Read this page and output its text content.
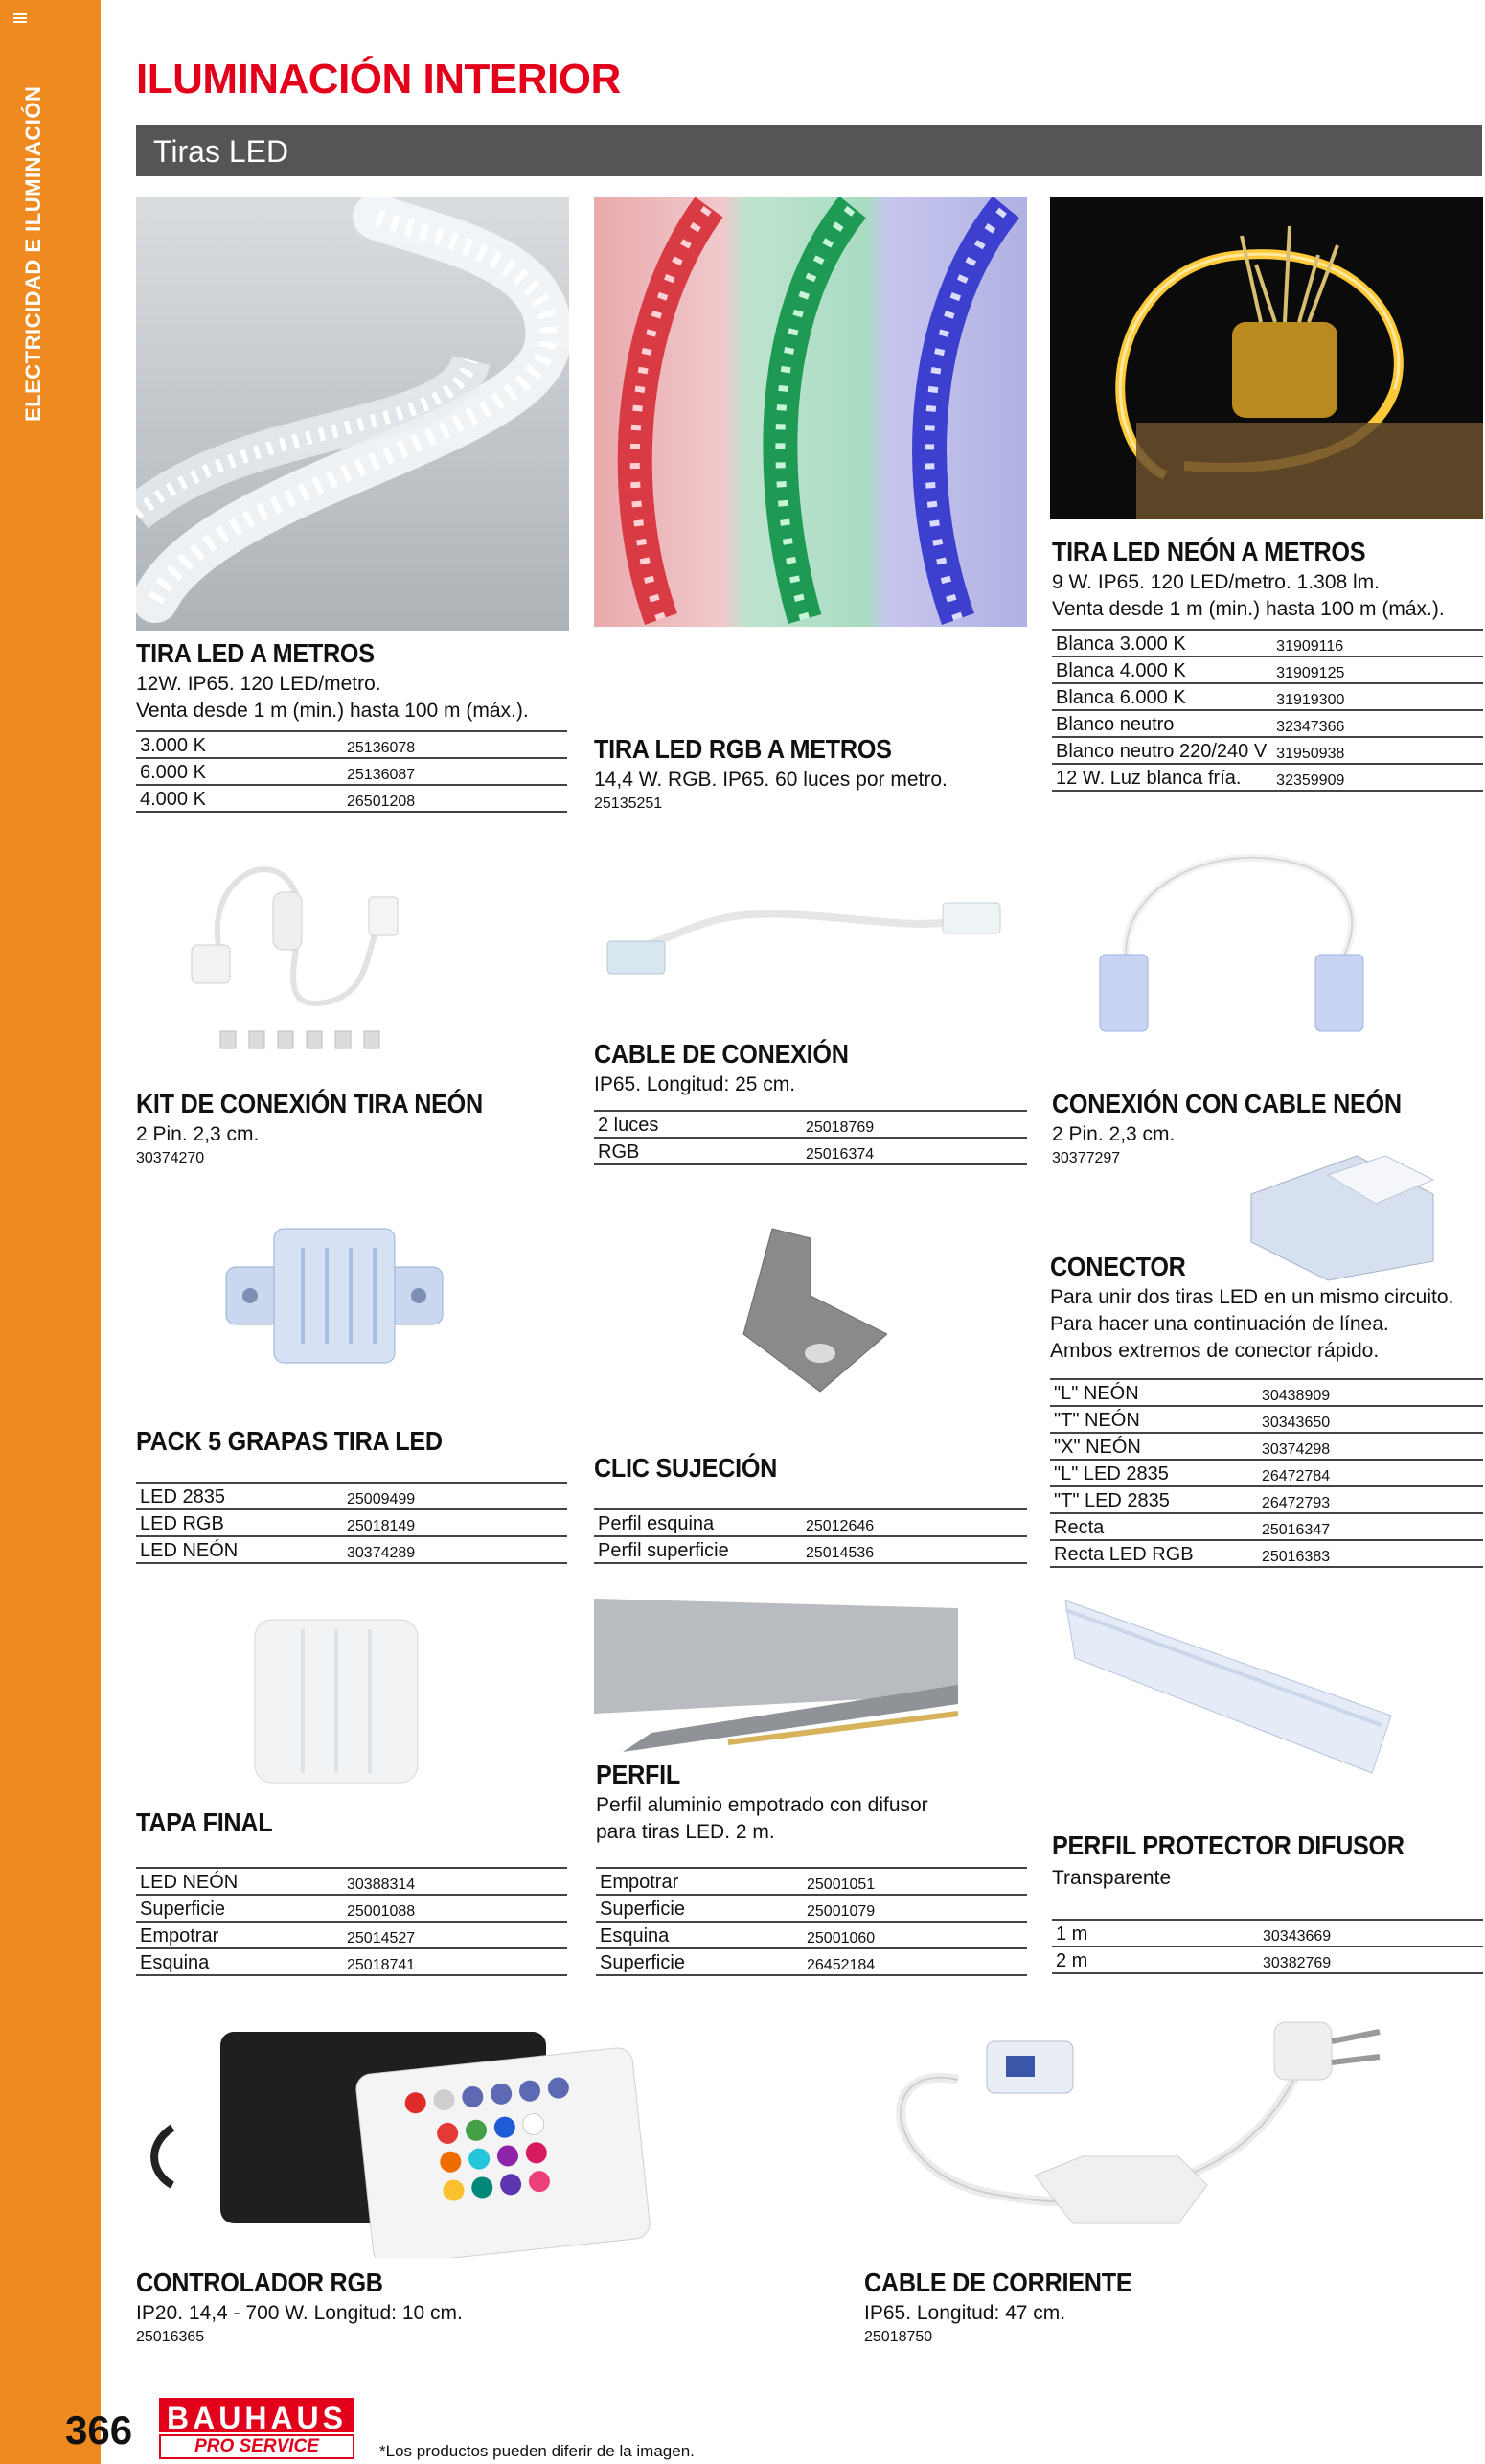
ILUMINACIÓN INTERIOR
Tiras LED
TIRA LED A METROS
12W. IP65. 120 LED/metro.
Venta desde 1 m (min.) hasta 100 m (máx.).
3.000 K	25136078
6.000 K	25136087
4.000 K	26501208
TIRA LED RGB A METROS
14,4 W. RGB. IP65. 60 luces por metro.
25135251
TIRA LED NEÓN A METROS
9 W. IP65. 120 LED/metro. 1.308 lm.
Venta desde 1 m (min.) hasta 100 m (máx.).
Blanca 3.000 K	31909116
Blanca 4.000 K	31909125
Blanca 6.000 K	31919300
Blanco neutro	32347366
Blanco neutro 220/240 V	31950938
12 W. Luz blanca fría.	32359909
KIT DE CONEXIÓN TIRA NEÓN
2 Pin. 2,3 cm.
30374270
CABLE DE CONEXIÓN
IP65. Longitud: 25 cm.
2 luces	25018769
RGB	25016374
CONEXIÓN CON CABLE NEÓN
2 Pin. 2,3 cm.
30377297
PACK 5 GRAPAS TIRA LED
LED 2835	25009499
LED RGB	25018149
LED NEÓN	30374289
CLIC SUJECIÓN
Perfil esquina	25012646
Perfil superficie	25014536
CONECTOR
Para unir dos tiras LED en un mismo circuito.
Para hacer una continuación de línea.
Ambos extremos de conector rápido.
"L" NEÓN	30438909
"T" NEÓN	30343650
"X" NEÓN	30374298
"L" LED 2835	26472784
"T" LED 2835	26472793
Recta	25016347
Recta LED RGB	25016383
TAPA FINAL
LED NEÓN	30388314
Superficie	25001088
Empotrar	25014527
Esquina	25018741
PERFIL
Perfil aluminio empotrado con difusor
para tiras LED. 2 m.
Empotrar	25001051
Superficie	25001079
Esquina	25001060
Superficie	26452184
PERFIL PROTECTOR DIFUSOR
Transparente
1 m	30343669
2 m	30382769
CONTROLADOR RGB
IP20. 14,4 - 700 W. Longitud: 10 cm.
25016365
CABLE DE CORRIENTE
IP65. Longitud: 47 cm.
25018750
366 BAUHAUS
PRO SERVICE	*Los productos pueden diferir de la imagen.
